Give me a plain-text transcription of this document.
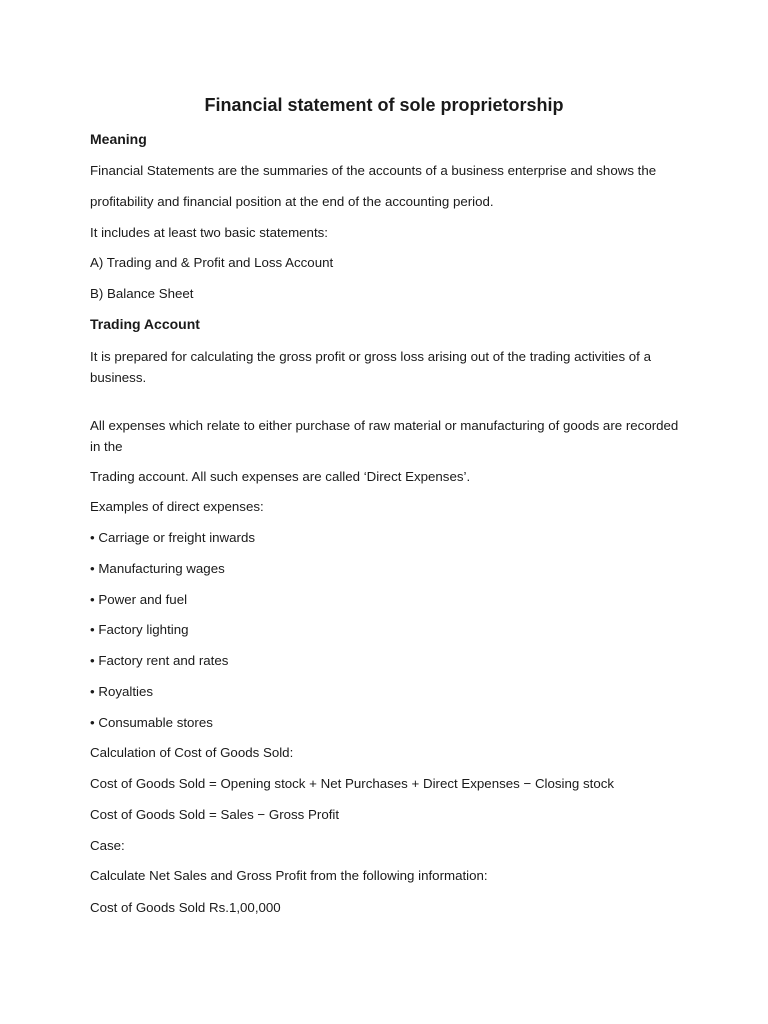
Financial statement of sole proprietorship
Meaning

Financial Statements are the summaries of the accounts of a business enterprise and shows the

profitability and financial position at the end of the accounting period.

It includes at least two basic statements:

A) Trading and & Profit and Loss Account

B) Balance Sheet

Trading Account

It is prepared for calculating the gross profit or gross loss arising out of the trading activities of a business.

All expenses which relate to either purchase of raw material or manufacturing of goods are recorded in the

Trading account. All such expenses are called ‘Direct Expenses’.

Examples of direct expenses:

• Carriage or freight inwards

• Manufacturing wages

• Power and fuel

• Factory lighting

• Factory rent and rates

• Royalties

• Consumable stores

Calculation of Cost of Goods Sold:

Cost of Goods Sold = Opening stock + Net Purchases + Direct Expenses − Closing stock

Cost of Goods Sold = Sales − Gross Profit

Case:

Calculate Net Sales and Gross Profit from the following information:

Cost of Goods Sold Rs.1,00,000
